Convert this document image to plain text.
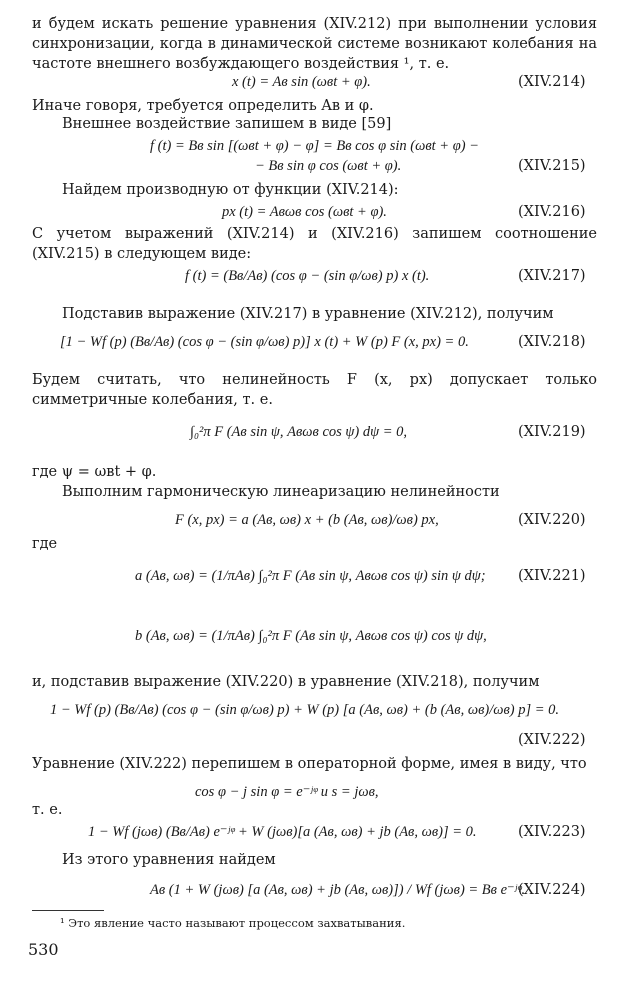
и будем искать решение уравнения (XIV.212) при выполнении условия синхронизации, когда в динамической системе возникают колебания на частоте внешнего возбуждающего воздействия ¹, т. е.
x (t) = Aв sin (ωвt + φ).	(XIV.214)
Иначе говоря, требуется определить Aв и φ.
Внешнее воздействие запишем в виде [59]
f (t) = Bв sin [(ωвt + φ) − φ] = Bв cos φ sin (ωвt + φ) −
− Bв sin φ cos (ωвt + φ).	(XIV.215)
Найдем производную от функции (XIV.214):
px (t) = Aвωв cos (ωвt + φ).	(XIV.216)
С учетом выражений (XIV.214) и (XIV.216) запишем соотношение (XIV.215) в следующем виде:
f (t) = (Bв/Aв) (cos φ − (sin φ/ωв) p) x (t).	(XIV.217)
Подставив выражение (XIV.217) в уравнение (XIV.212), получим
[1 − Wf (p) (Bв/Aв) (cos φ − (sin φ/ωв) p)] x (t) + W (p) F (x, px) = 0.	(XIV.218)
Будем считать, что нелинейность F (x, px) допускает только симметричные колебания, т. е.
∫₀²π F (Aв sin ψ, Aвωв cos ψ) dψ = 0,	(XIV.219)
где ψ = ωвt + φ.
Выполним гармоническую линеаризацию нелинейности
F (x, px) = a (Aв, ωв) x + (b (Aв, ωв)/ωв) px,	(XIV.220)
где
a (Aв, ωв) = (1/πAв) ∫₀²π F (Aв sin ψ, Aвωв cos ψ) sin ψ dψ; (XIV.221)
b (Aв, ωв) = (1/πAв) ∫₀²π F (Aв sin ψ, Aвωв cos ψ) cos ψ dψ,
и, подставив выражение (XIV.220) в уравнение (XIV.218), получим
1 − Wf (p) (Bв/Aв) (cos φ − (sin φ/ωв) p) + W (p) [a (Aв, ωв) + (b (Aв, ωв)/ωв) p] = 0.
(XIV.222)
Уравнение (XIV.222) перепишем в операторной форме, имея в виду, что
cos φ − j sin φ = e⁻ʲᵠ и s = jωв,
т. е.
1 − Wf (jωв) (Bв/Aв) e⁻ʲᵠ + W (jωв)[a (Aв, ωв) + jb (Aв, ωв)] = 0.	(XIV.223)
Из этого уравнения найдем
Aв (1 + W (jωв) [a (Aв, ωв) + jb (Aв, ωв)]) / Wf (jωв) = Bв e⁻ʲᵠ.
(XIV.224)
¹ Это явление часто называют процессом захватывания.
530
